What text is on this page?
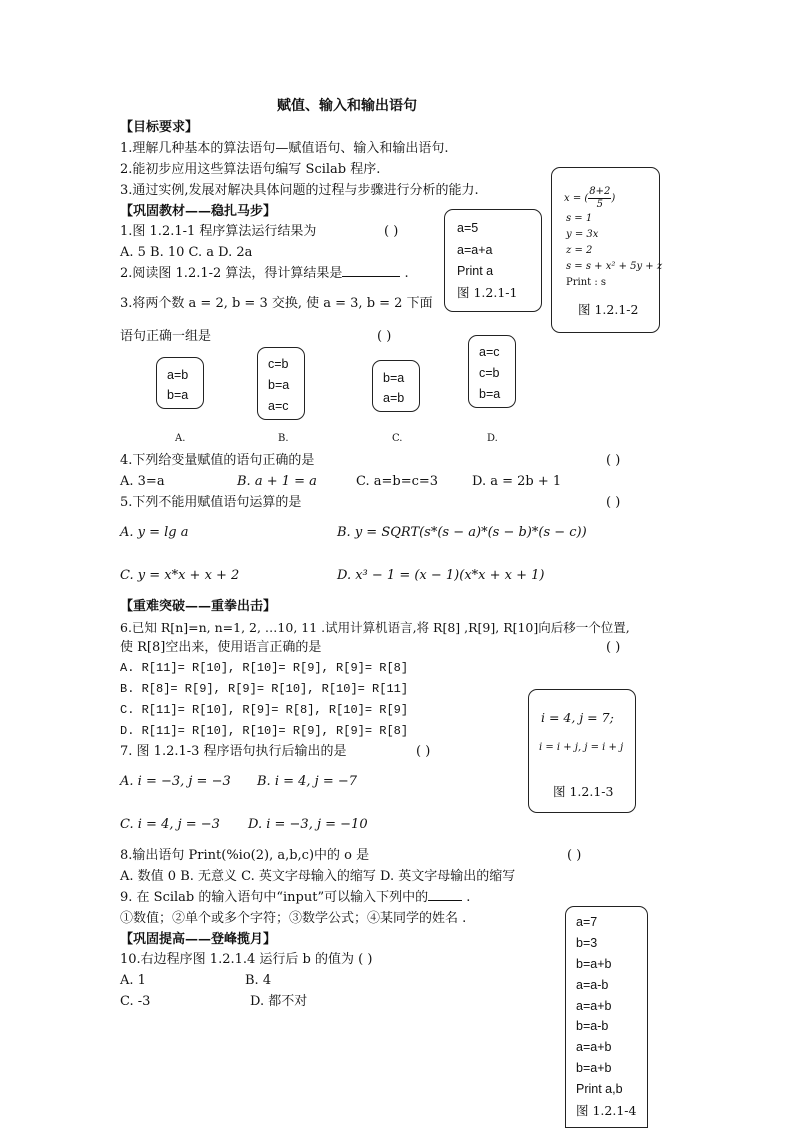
赋值、输入和输出语句
【目标要求】
1.理解几种基本的算法语句—赋值语句、输入和输出语句.
2.能初步应用这些算法语句编写 Scilab 程序.
3.通过实例,发展对解决具体问题的过程与步骤进行分析的能力.
【巩固教材——稳扎马步】
1.图 1.2.1-1 程序算法运行结果为	( )
A. 5 B. 10 C. a D. 2a
2.阅读图 1.2.1-2 算法，得计算结果是	.
3.将两个数 a = 2, b = 3 交换, 使 a = 3, b = 2 下面
语句正确一组是	( )
a=5
a=a+a
Print a
图 1.2.1-1
x = ( $\frac{8+2}{5}$ )
s = 1
y = 3x
z = 2
s = s + x² + 5y + z
Print : s
图 1.2.1-2
a=b
b=a
c=b
b=a
a=c
b=a
a=b
a=c
c=b
b=a
A.	B.	C.	D.
4.下列给变量赋值的语句正确的是	( )
A. 3=a	B. a + 1 = a	C. a=b=c=3	D. a = 2b + 1
5.下列不能用赋值语句运算的是	( )
A. y = lg a	B. y = SQRT(s*(s − a)*(s − b)*(s − c))
C. y = x*x + x + 2	D. x³ − 1 = (x − 1)(x*x + x + 1)
【重难突破——重拳出击】
6.已知 R[n]=n, n=1, 2, …10, 11 .试用计算机语言,将 R[8] ,R[9], R[10]向后移一个位置,
使 R[8]空出来，使用语言正确的是	( )
A. R[11]= R[10], R[10]= R[9], R[9]= R[8]
B. R[8]= R[9], R[9]= R[10], R[10]= R[11]
C. R[11]= R[10], R[9]= R[8], R[10]= R[9]
D. R[11]= R[10], R[10]= R[9], R[9]= R[8]
i = 4, j = 7;
i = i + j, j = i + j
图 1.2.1-3
7. 图 1.2.1-3 程序语句执行后输出的是	( )
A. i = −3, j = −3 B. i = 4, j = −7
C. i = 4, j = −3 D. i = −3, j = −10
8.输出语句 Print(%io(2), a,b,c)中的 o 是	( )
A. 数值 0 B. 无意义 C. 英文字母输入的缩写 D. 英文字母输出的缩写
9. 在 Scilab 的输入语句中“input”可以输入下列中的	.
①数值；②单个或多个字符；③数学公式；④某同学的姓名 .
【巩固提高——登峰揽月】
10.右边程序图 1.2.1.4 运行后 b 的值为 ( )
A. 1	B. 4
C. -3	D. 都不对
a=7
b=3
b=a+b
a=a-b
a=a+b
b=a-b
a=a+b
b=a+b
Print a,b
图 1.2.1-4
